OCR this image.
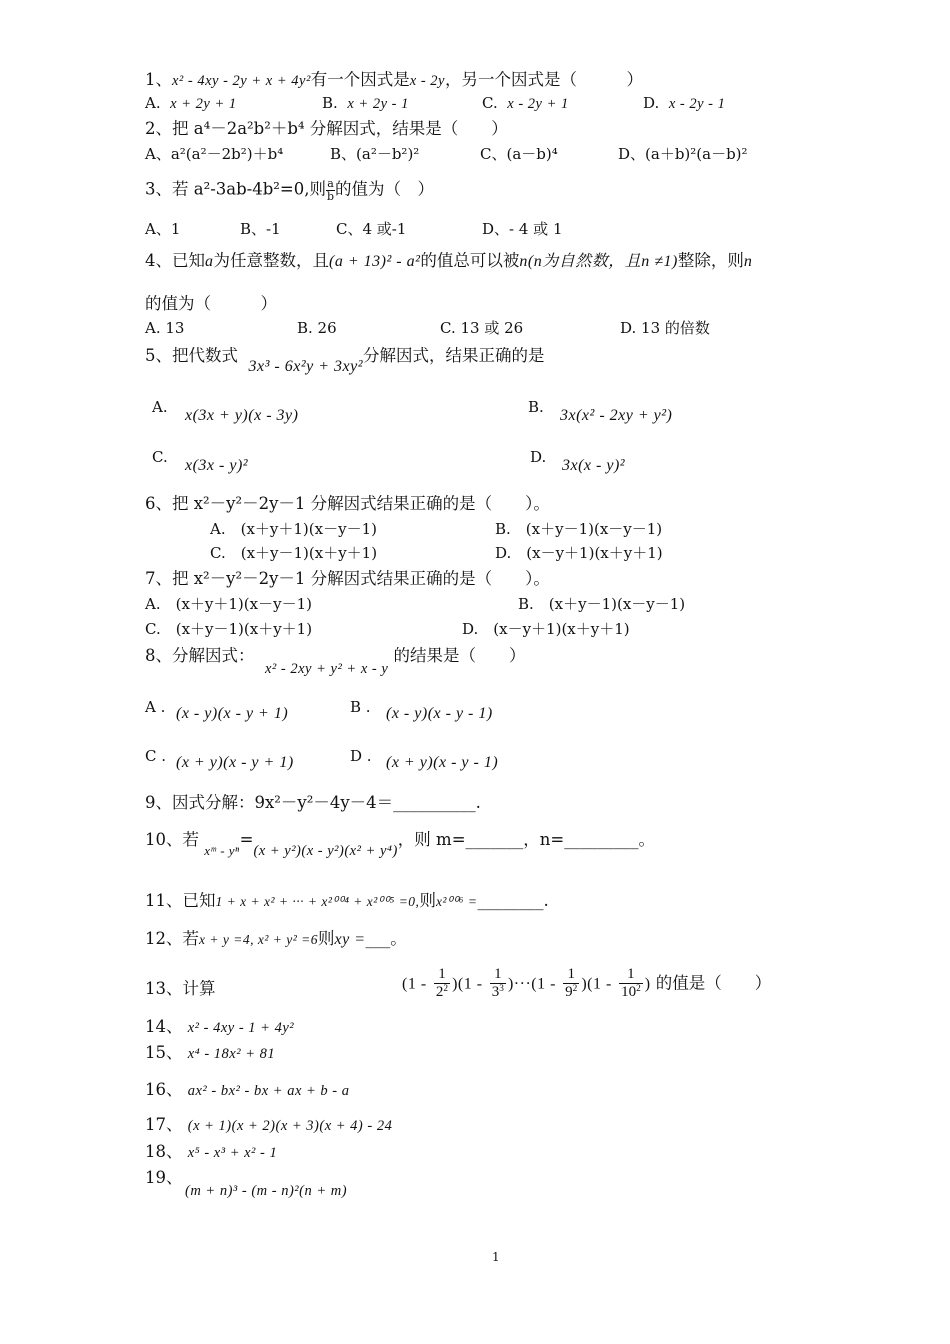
1、x² - 4xy - 2y + x + 4y²有一个因式是x - 2y，另一个因式是（　　　）
A. x + 2y + 1	B. x + 2y - 1	C. x - 2y + 1	D. x - 2y - 1
2、把 a⁴－2a²b²＋b⁴ 分解因式，结果是（　　）
A、a²(a²－2b²)＋b⁴	B、(a²－b²)²	C、(a－b)⁴	D、(a＋b)²(a－b)²
3、若 a²-3ab-4b²=0,则 $\frac{a}{b}$ 的值为（　）
A、1	B、-1	C、4 或-1	D、- 4 或 1
4、已知a为任意整数，且(a + 13)² - a²的值总可以被n(n为自然数，且n ≠1)整除，则n
的值为（　　　）
A. 13	B. 26	C. 13 或 26	D. 13 的倍数
5、把代数式  3x³ - 6x²y + 3xy²分解因式，结果正确的是
A. x(3x + y)(x - 3y)	B. 3x(x² - 2xy + y²)
C. x(3x - y)²	D. 3x(x - y)²
6、把 x²－y²－2y－1 分解因式结果正确的是（　　）。
A.　(x＋y＋1)(x－y－1)	B.　(x＋y－1)(x－y－1)
C.　(x＋y－1)(x＋y＋1)	D.　(x－y＋1)(x＋y＋1)
7、把 x²－y²－2y－1 分解因式结果正确的是（　　）。
A.　(x＋y＋1)(x－y－1)	B.　(x＋y－1)(x－y－1)
C.　(x＋y－1)(x＋y＋1)	D.　(x－y＋1)(x＋y＋1)
8、分解因式：  x² - 2xy + y² + x - y 的结果是（　　）
A . (x - y)(x - y + 1)	B . (x - y)(x - y - 1)
C . (x + y)(x - y + 1)	D . (x + y)(x - y - 1)
9、因式分解：9x²－y²－4y－4＝__________.
10、若 $_{xᵐ - y^n}$=(x + y²)(x - y²)(x² + y⁴)，则 m=_______，n=_________。
11、已知1 + x + x² + ··· + x²⁰⁰⁴ + x²⁰⁰⁵ =0,则x²⁰⁰⁶ =________.
12、若x + y =4, x² + y² =6则xy =___。
13、计算	$(1 - \frac{1}{2^2} )(1 - \frac{1}{3^3} )\cdot\cdot\cdot(1 - \frac{1}{9^2} )(1 - \frac{1}{10^2}$ ) 的值是（　　）
14、 x² - 4xy - 1 + 4y²
15、 x⁴ - 18x² + 81
16、 ax² - bx² - bx + ax + b - a
17、 (x + 1)(x + 2)(x + 3)(x + 4) - 24
18、 x⁵ - x³ + x² - 1
19、
(m + n)³ - (m - n)²(n + m)
1
